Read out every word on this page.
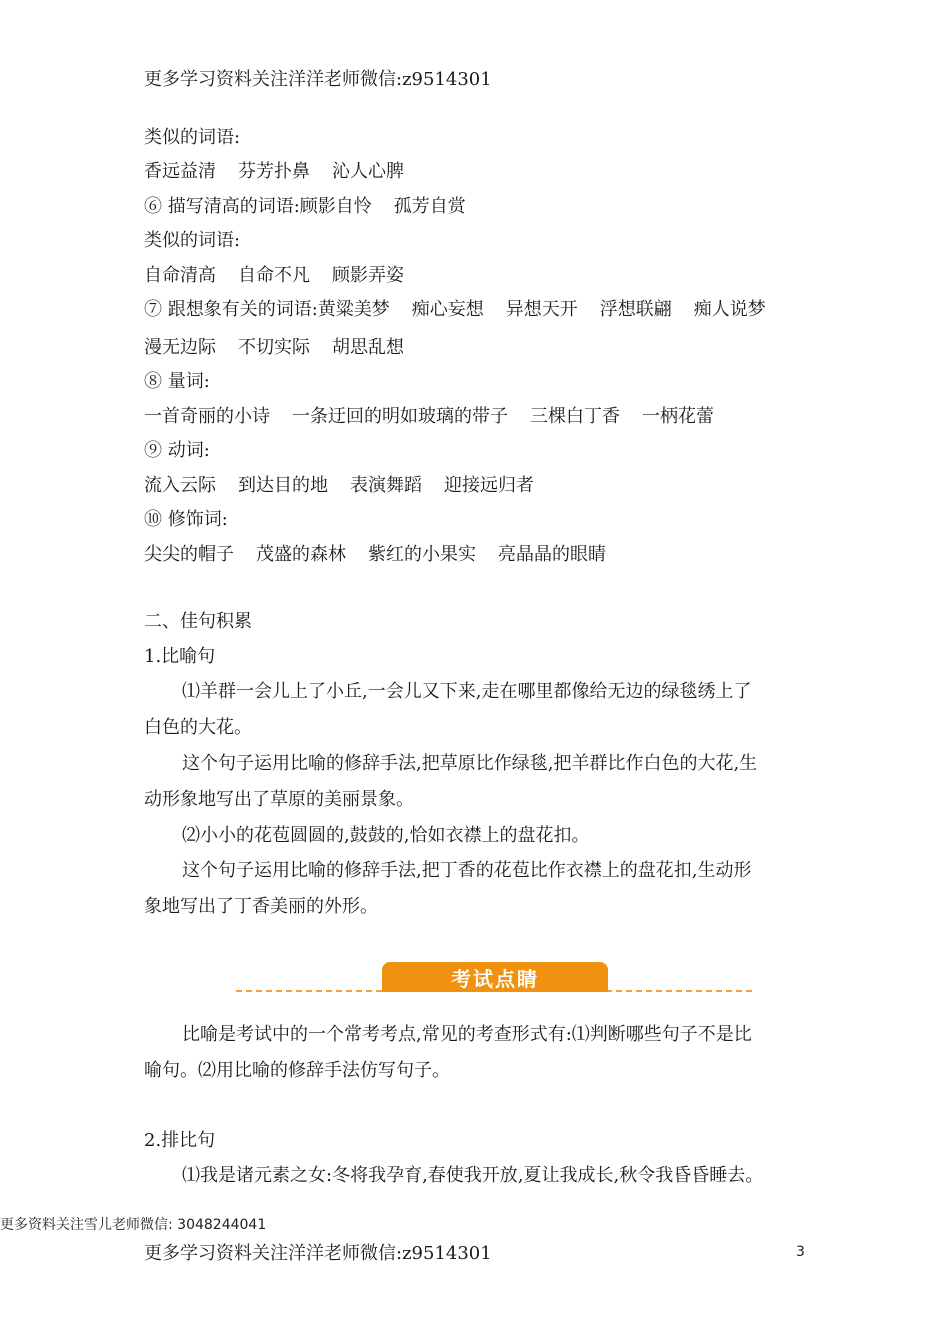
更多学习资料关注洋洋老师微信:z9514301
类似的词语:
香远益清 芬芳扑鼻 沁人心脾
⑥ 描写清高的词语:顾影自怜 孤芳自赏
类似的词语:
自命清高 自命不凡 顾影弄姿
⑦ 跟想象有关的词语:黄粱美梦 痴心妄想 异想天开 浮想联翩 痴人说梦
漫无边际 不切实际 胡思乱想
⑧ 量词:
一首奇丽的小诗 一条迂回的明如玻璃的带子 三棵白丁香 一柄花蕾
⑨ 动词:
流入云际 到达目的地 表演舞蹈 迎接远归者
⑩ 修饰词:
尖尖的帽子 茂盛的森林 紫红的小果实 亮晶晶的眼睛
二、佳句积累
1.比喻句
⑴羊群一会儿上了小丘,一会儿又下来,走在哪里都像给无边的绿毯绣上了
白色的大花。
这个句子运用比喻的修辞手法,把草原比作绿毯,把羊群比作白色的大花,生
动形象地写出了草原的美丽景象。
⑵小小的花苞圆圆的,鼓鼓的,恰如衣襟上的盘花扣。
这个句子运用比喻的修辞手法,把丁香的花苞比作衣襟上的盘花扣,生动形
象地写出了丁香美丽的外形。
考试点睛
比喻是考试中的一个常考考点,常见的考查形式有:⑴判断哪些句子不是比
喻句。⑵用比喻的修辞手法仿写句子。
2.排比句
⑴我是诸元素之女:冬将我孕育,春使我开放,夏让我成长,秋令我昏昏睡去。
更多资料关注雪儿老师微信: 3048244041
更多学习资料关注洋洋老师微信:z9514301	3
